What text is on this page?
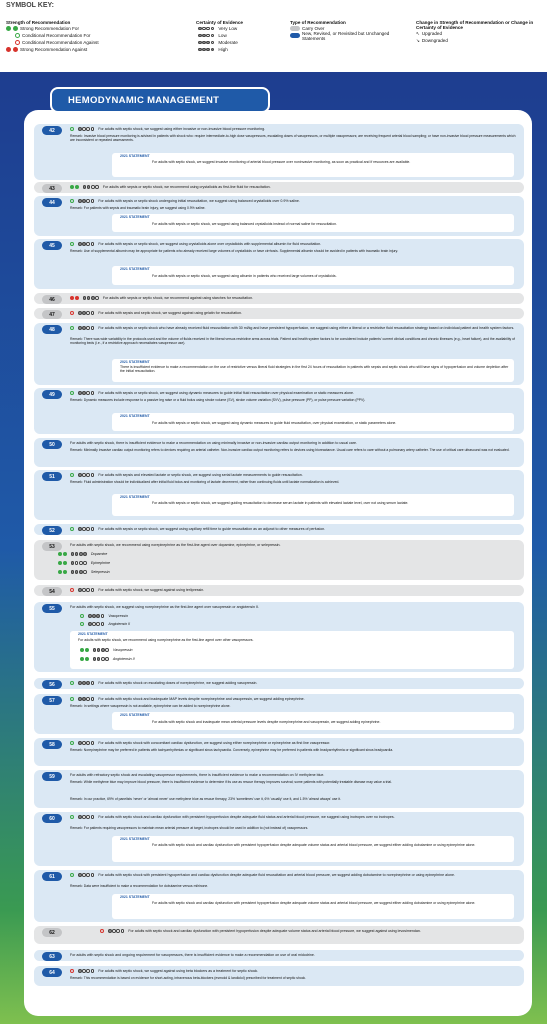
SYMBOL KEY:
Strength of Recommendation
Strong Recommendation For
Conditional Recommendation For
Conditional Recommendation Against
Strong Recommendation Against
Certainty of Evidence
Very Low
Low
Moderate
High
Type of Recommendation
Carry Over
New, Revised, or Revisited but Unchanged Statements
Change in Strength of Recommendation or Change in Certainty of Evidence
↖ Upgraded
↘ Downgraded
HEMODYNAMIC MANAGEMENT
42	For adults with septic shock, we suggest using either invasive or non-invasive blood pressure monitoring.
Remark: Invasive blood pressure monitoring is advised in patients with shock who: require intermediate-to-high dose vasopressors, escalating doses of vasopressors, or multiple vasopressors; are receiving frequent arterial blood sampling; or have non-invasive blood pressure measurements which are inconsistent or repeated assessments.
2021 STATEMENT
For adults with septic shock, we suggest invasive monitoring of arterial blood pressure over noninvasive monitoring, as soon as practical and if resources are available.
43	For adults with sepsis or septic shock, we recommend using crystalloids as first-line fluid for resuscitation.
44	For adults with sepsis or septic shock undergoing initial resuscitation, we suggest using balanced crystalloids over 0.9% saline.
Remark: For patients with sepsis and traumatic brain injury, we suggest using 0.9% saline.
2021 STATEMENT
For adults with sepsis or septic shock, we suggest using balanced crystalloids instead of normal saline for resuscitation.
45	For adults with sepsis or septic shock, we suggest using crystalloids alone over crystalloids with supplemental albumin for fluid resuscitation.
Remark: Use of supplemental albumin may be appropriate for patients who already received large volumes of crystalloids or have cirrhosis. Supplemental albumin should be avoided in patients with traumatic brain injury.
2021 STATEMENT
For adults with sepsis or septic shock, we suggest using albumin in patients who received large volumes of crystalloids.
46	For adults with sepsis or septic shock, we recommend against using starches for resuscitation.
47	For adults with sepsis and septic shock, we suggest against using gelatin for resuscitation.
48	For adults with sepsis or septic shock who have already received fluid resuscitation with 30 ml/kg and have persistent hypoperfusion, we suggest using either a liberal or a restrictive fluid resuscitation strategy based on individual patient and health system factors.
Remark: There was wide variability in the protocols used and the volume of fluids received in the liberal versus restrictive arms across trials. Patient and health system factors to be considered include patients' current clinical conditions and chronic illnesses (e.g., heart failure), and the availability of monitoring beds (i.e., if a restrictive approach necessitates vasopressor use).
2021 STATEMENT
There is insufficient evidence to make a recommendation on the use of restrictive versus liberal fluid strategies in the first 24 hours of resuscitation in patients with sepsis and septic shock who still have signs of hypoperfusion and volume depletion after the initial resuscitation.
49	For adults with sepsis or septic shock, we suggest using dynamic measures to guide initial fluid resuscitation over physical examination or static measures alone.
Remark: Dynamic measures include response to a passive leg raise or a fluid bolus using stroke volume (SV), stroke volume variation (SVV), pulse pressure (PP), or pulse pressure variation (PPV).
2021 STATEMENT
For adults with sepsis or septic shock, we suggest using dynamic measures to guide fluid resuscitation, over physical examination, or static parameters alone.
50	For adults with septic shock, there is insufficient evidence to make a recommendation on using minimally invasive or non-invasive cardiac output monitoring in addition to usual care.
Remark: Minimally invasive cardiac output monitoring refers to devices requiring an arterial catheter. Non-invasive cardiac output monitoring refers to devices using bioreactance. Usual care refers to care without a pulmonary artery catheter. The use of critical care ultrasound was not evaluated.
51	For adults with sepsis and elevated lactate or septic shock, we suggest using serial lactate measurements to guide resuscitation.
Remark: Fluid administration should be individualized after initial fluid bolus and monitoring of lactate decrement, rather than continuing fluids until lactate normalization is achieved.
2021 STATEMENT
For adults with sepsis or septic shock, we suggest guiding resuscitation to decrease serum lactate in patients with elevated lactate level, over not using serum lactate.
52	For adults with sepsis or septic shock, we suggest using capillary refill time to guide resuscitation as an adjunct to other measures of perfusion.
53	For adults with septic shock, we recommend using norepinephrine as the first-line agent over dopamine, epinephrine, or selepressin.
Dopamine
Epinephrine
Selepressin
54	For adults with septic shock, we suggest against using terlipressin.
55	For adults with septic shock, we suggest using norepinephrine as the first-line agent over vasopressin or angiotensin II.
Vasopressin
Angiotensin II
2021 STATEMENT
For adults with septic shock, we recommend using norepinephrine as the first-line agent over other vasopressors.
Vasopressin
Angiotensin II
56	For adults with septic shock on escalating doses of norepinephrine, we suggest adding vasopressin.
57	For adults with septic shock and inadequate MAP levels despite norepinephrine and vasopressin, we suggest adding epinephrine.
Remark: In settings where vasopressin is not available, epinephrine can be added to norepinephrine alone.
2021 STATEMENT
For adults with septic shock and inadequate mean arterial pressure levels despite norepinephrine and vasopressin, we suggest adding epinephrine.
58	For adults with septic shock with concomitant cardiac dysfunction, we suggest using either norepinephrine or epinephrine as first line vasopressor.
Remark: Norepinephrine may be preferred in patients with tachyarrhythmias or significant sinus tachycardia. Conversely, epinephrine may be preferred in patients with bradyarrhythmia or significant sinus bradycardia.
59	For adults with refractory septic shock and escalating vasopressor requirements, there is insufficient evidence to make a recommendation on IV methylene blue.
Remark: While methylene blue may improve blood pressure, there is insufficient evidence to determine if its use as rescue therapy improves survival; some patients with potentially treatable disease may value a trial.
Remark: In our practice, 69% of panelists 'never' or 'almost never' use methylene blue as rescue therapy, 23% 'sometimes' use it, 6% 'usually' use it, and 1.5% 'almost always' use it.
60	For adults with septic shock and cardiac dysfunction with persistent hypoperfusion despite adequate fluid status and arterial blood pressure, we suggest using inotropes over no inotropes.
Remark: For patients requiring vasopressors to maintain mean arterial pressure at target, inotropes should be used in addition to (not instead of) vasopressors.
2021 STATEMENT
For adults with septic shock and cardiac dysfunction with persistent hypoperfusion despite adequate volume status and arterial blood pressure, we suggest either adding dobutamine or using epinephrine alone.
61	For adults with septic shock with persistent hypoperfusion and cardiac dysfunction despite adequate fluid resuscitation and arterial blood pressure, we suggest adding dobutamine to norepinephrine or using epinephrine alone.
Remark: Data were insufficient to make a recommendation for dobutamine versus milrinone.
2021 STATEMENT
For adults with septic shock and cardiac dysfunction with persistent hypoperfusion despite adequate volume status and arterial blood pressure, we suggest either adding dobutamine or using epinephrine alone.
62	For adults with septic shock and cardiac dysfunction with persistent hypoperfusion despite adequate volume status and arterial blood pressure, we suggest against using levosimendan.
63	For adults with septic shock and ongoing requirement for vasopressors, there is insufficient evidence to make a recommendation on use of oral midodrine.
64	For adults with septic shock, we suggest against using beta blockers as a treatment for septic shock.
Remark: This recommendation is based on evidence for short-acting, intravenous beta-blockers (esmolol & landiolol) prescribed for treatment of septic shock.
